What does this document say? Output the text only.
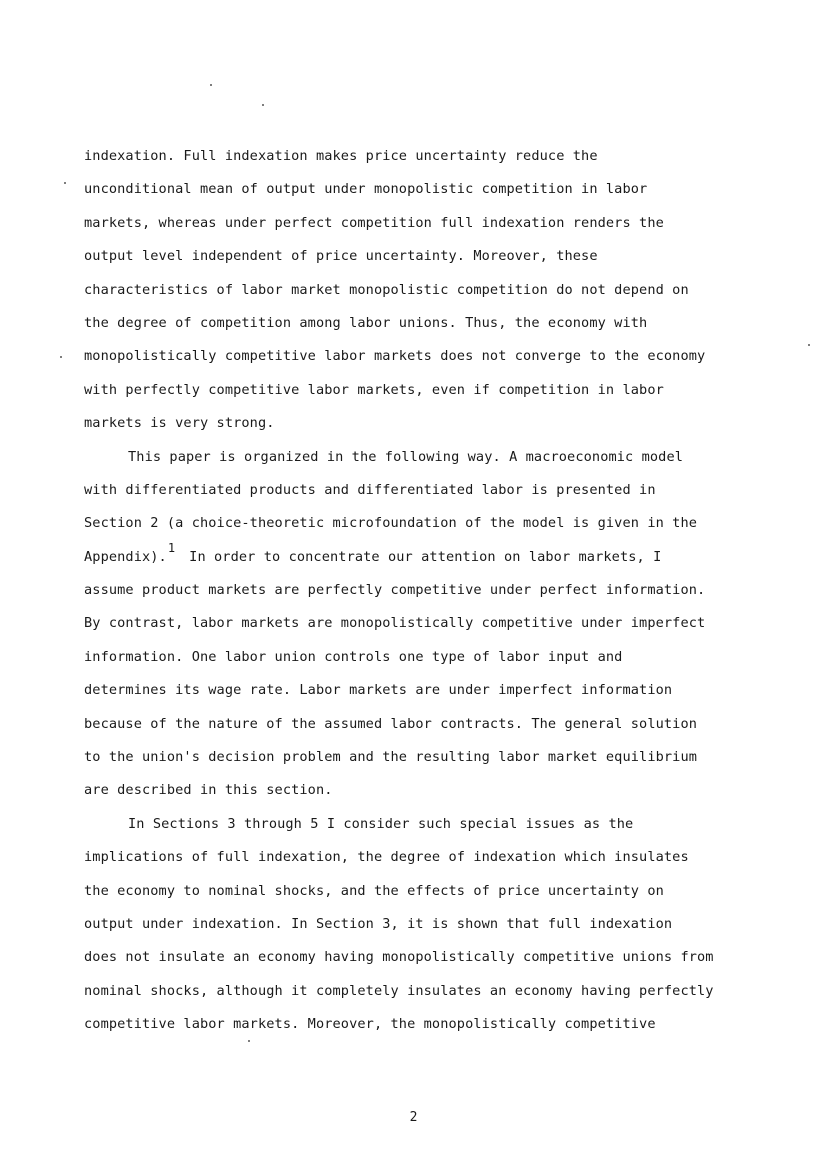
indexation. Full indexation makes price uncertainty reduce the
unconditional mean of output under monopolistic competition in labor
markets, whereas under perfect competition full indexation renders the
output level independent of price uncertainty. Moreover, these
characteristics of labor market monopolistic competition do not depend on
the degree of competition among labor unions. Thus, the economy with
monopolistically competitive labor markets does not converge to the economy
with perfectly competitive labor markets, even if competition in labor
markets is very strong.
This paper is organized in the following way. A macroeconomic model
with differentiated products and differentiated labor is presented in
Section 2 (a choice-theoretic microfoundation of the model is given in the
Appendix).1In order to concentrate our attention on labor markets, I
assume product markets are perfectly competitive under perfect information.
By contrast, labor markets are monopolistically competitive under imperfect
information. One labor union controls one type of labor input and
determines its wage rate. Labor markets are under imperfect information
because of the nature of the assumed labor contracts. The general solution
to the union's decision problem and the resulting labor market equilibrium
are described in this section.
In Sections 3 through 5 I consider such special issues as the
implications of full indexation, the degree of indexation which insulates
the economy to nominal shocks, and the effects of price uncertainty on
output under indexation. In Section 3, it is shown that full indexation
does not insulate an economy having monopolistically competitive unions from
nominal shocks, although it completely insulates an economy having perfectly
competitive labor markets. Moreover, the monopolistically competitive
2
